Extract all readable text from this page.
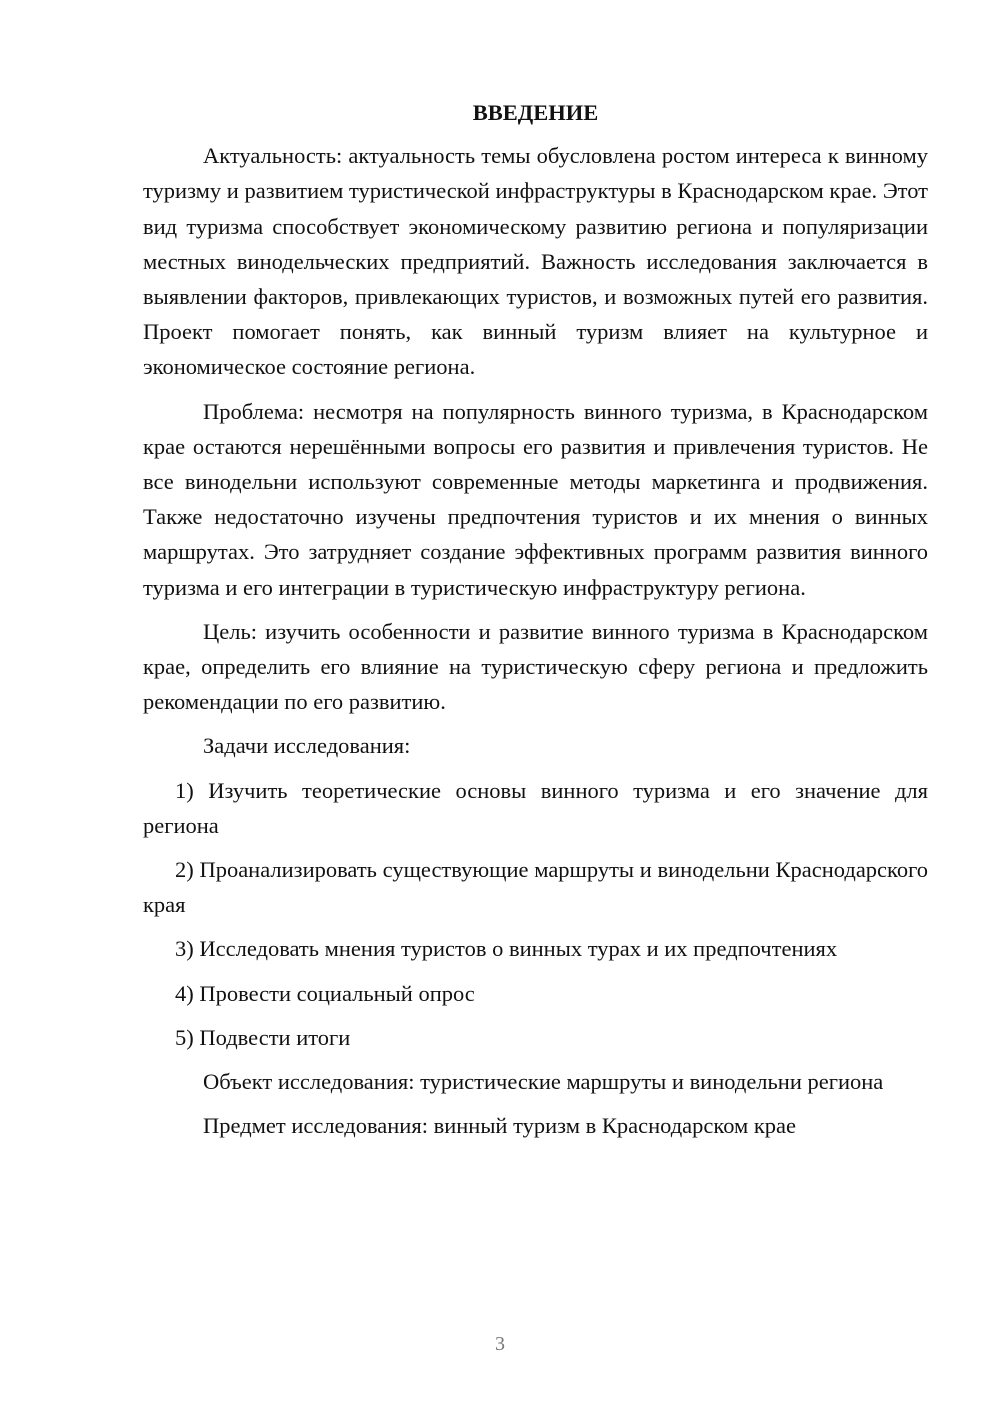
ВВЕДЕНИЕ

Актуальность: актуальность темы обусловлена ростом интереса к винному туризму и развитием туристической инфраструктуры в Краснодарском крае. Этот вид туризма способствует экономическому развитию региона и популяризации местных винодельческих предприятий. Важность исследования заключается в выявлении факторов, привлекающих туристов, и возможных путей его развития. Проект помогает понять, как винный туризм влияет на культурное и экономическое состояние региона.

Проблема: несмотря на популярность винного туризма, в Краснодарском крае остаются нерешёнными вопросы его развития и привлечения туристов. Не все винодельни используют современные методы маркетинга и продвижения. Также недостаточно изучены предпочтения туристов и их мнения о винных маршрутах. Это затрудняет создание эффективных программ развития винного туризма и его интеграции в туристическую инфраструктуру региона.

Цель: изучить особенности и развитие винного туризма в Краснодарском крае, определить его влияние на туристическую сферу региона и предложить рекомендации по его развитию.

Задачи исследования:

1) Изучить теоретические основы винного туризма и его значение для региона

2) Проанализировать существующие маршруты и винодельни Краснодарского края

3) Исследовать мнения туристов о винных турах и их предпочтениях

4) Провести социальный опрос

5) Подвести итоги

Объект исследования: туристические маршруты и винодельни региона

Предмет исследования: винный туризм в Краснодарском крае

3
